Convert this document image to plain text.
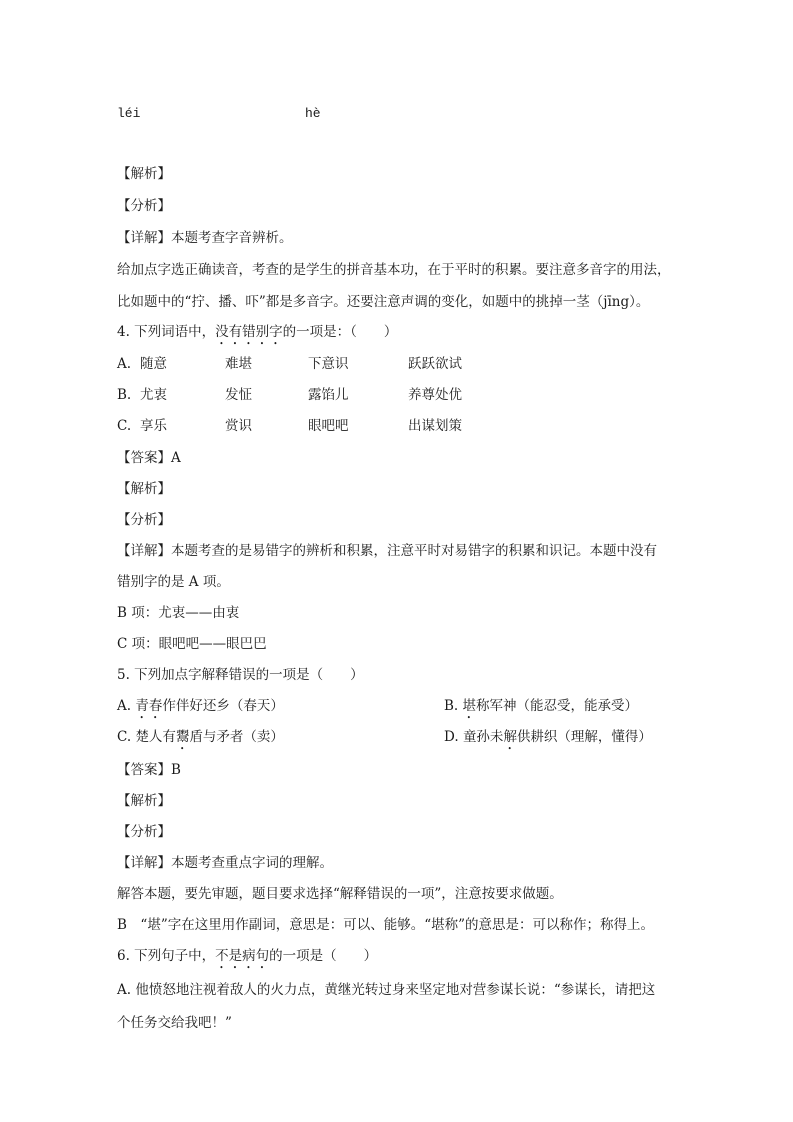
léi	hè
【解析】
【分析】
【详解】本题考查字音辨析。
给加点字选正确读音，考查的是学生的拼音基本功，在于平时的积累。要注意多音字的用法，
比如题中的“拧、播、吓”都是多音字。还要注意声调的变化，如题中的挑掉一茎（jīng）。
4. 下列词语中，没有错别字的一项是：（　　）
A. 随意	难堪	下意识	跃跃欲试
B. 尤衷	发怔	露馅儿	养尊处优
C. 享乐	赏识	眼吧吧	出谋划策
【答案】A
【解析】
【分析】
【详解】本题考查的是易错字的辨析和积累，注意平时对易错字的积累和识记。本题中没有
错别字的是 A 项。
B 项：尤衷——由衷
C 项：眼吧吧——眼巴巴
5. 下列加点字解释错误的一项是（　　）
A. 青春作伴好还乡（春天）	B. 堪称军神（能忍受，能承受）
C. 楚人有鬻盾与矛者（卖）	D. 童孙未解供耕织（理解，懂得）
【答案】B
【解析】
【分析】
【详解】本题考查重点字词的理解。
解答本题，要先审题，题目要求选择“解释错误的一项”，注意按要求做题。
B　“堪”字在这里用作副词，意思是：可以、能够。“堪称”的意思是：可以称作；称得上。
6. 下列句子中，不是病句的一项是（　　）
A. 他愤怒地注视着敌人的火力点，黄继光转过身来坚定地对营参谋长说：“参谋长，请把这
个任务交给我吧！”
